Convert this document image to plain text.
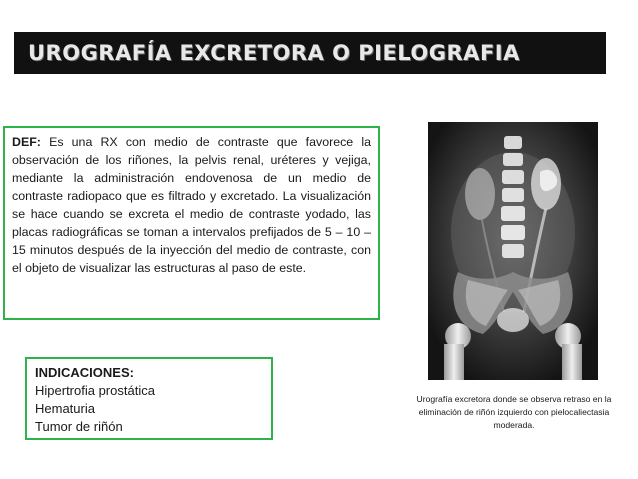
UROGRAFÍA EXCRETORA O PIELOGRAFIA
DEF: Es una RX con medio de contraste que favorece la observación de los riñones, la pelvis renal, uréteres y vejiga, mediante la administración endovenosa de un medio de contraste radiopaco que es filtrado y excretado. La visualización se hace cuando se excreta el medio de contraste yodado, las placas radiográficas se toman a intervalos prefijados de 5 – 10 – 15 minutos después de la inyección del medio de contraste, con el objeto de visualizar las estructuras al paso de este.
INDICACIONES:
Hipertrofia prostática
Hematuria
Tumor de riñón
Urografía excretora donde se observa retraso en la eliminación de riñón izquierdo con pielocaliectasia moderada.
